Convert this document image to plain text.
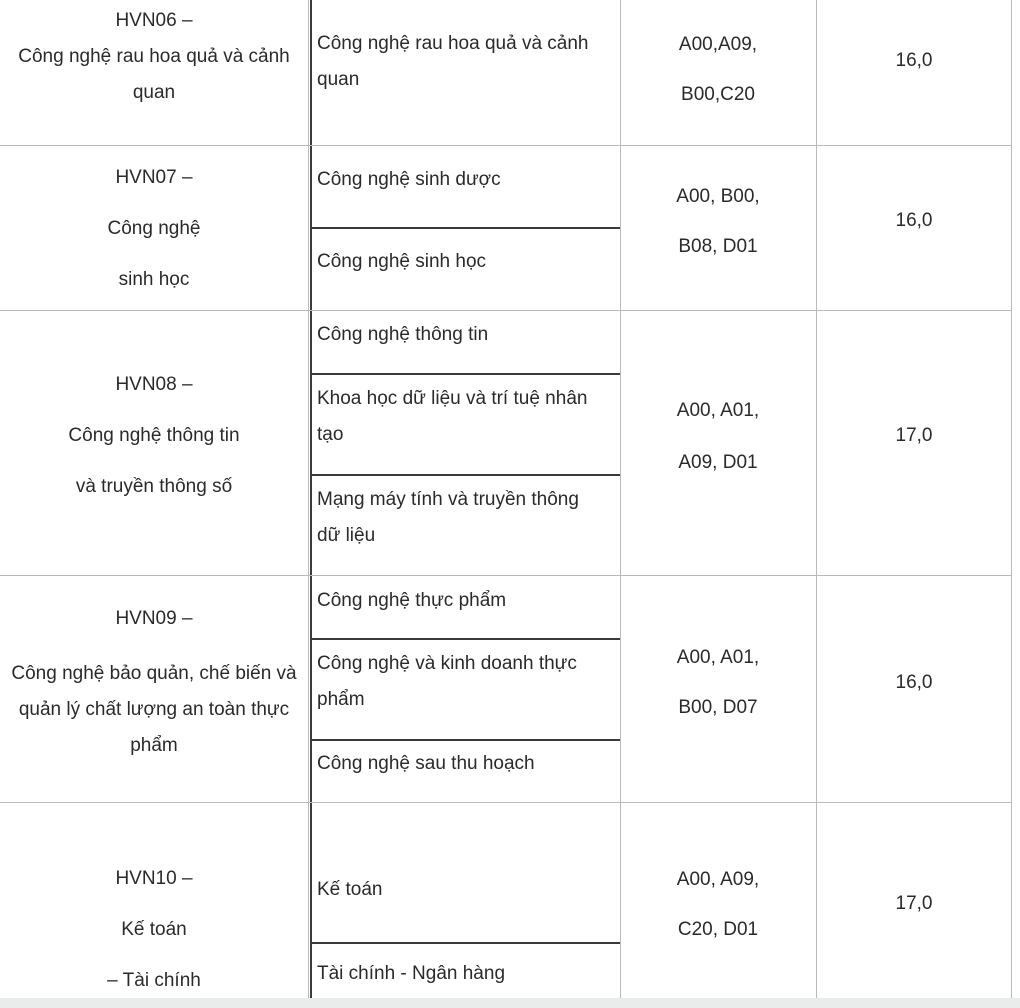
HVN06 –
Công nghệ rau hoa quả và cảnh
quan
Công nghệ rau hoa quả và cảnh
quan
A00,A09,
B00,C20
16,0
HVN07 –
Công nghệ
sinh học
Công nghệ sinh dược
Công nghệ sinh học
A00, B00,
B08, D01
16,0
HVN08 –
Công nghệ thông tin
và truyền thông số
Công nghệ thông tin
Khoa học dữ liệu và trí tuệ nhân
tạo
Mạng máy tính và truyền thông
dữ liệu
A00, A01,
A09, D01
17,0
HVN09 –
Công nghệ bảo quản, chế biến và
quản lý chất lượng an toàn thực
phẩm
Công nghệ thực phẩm
Công nghệ và kinh doanh thực
phẩm
Công nghệ sau thu hoạch
A00, A01,
B00, D07
16,0
HVN10 –
Kế toán
– Tài chính
Kế toán
Tài chính - Ngân hàng
A00, A09,
C20, D01
17,0
